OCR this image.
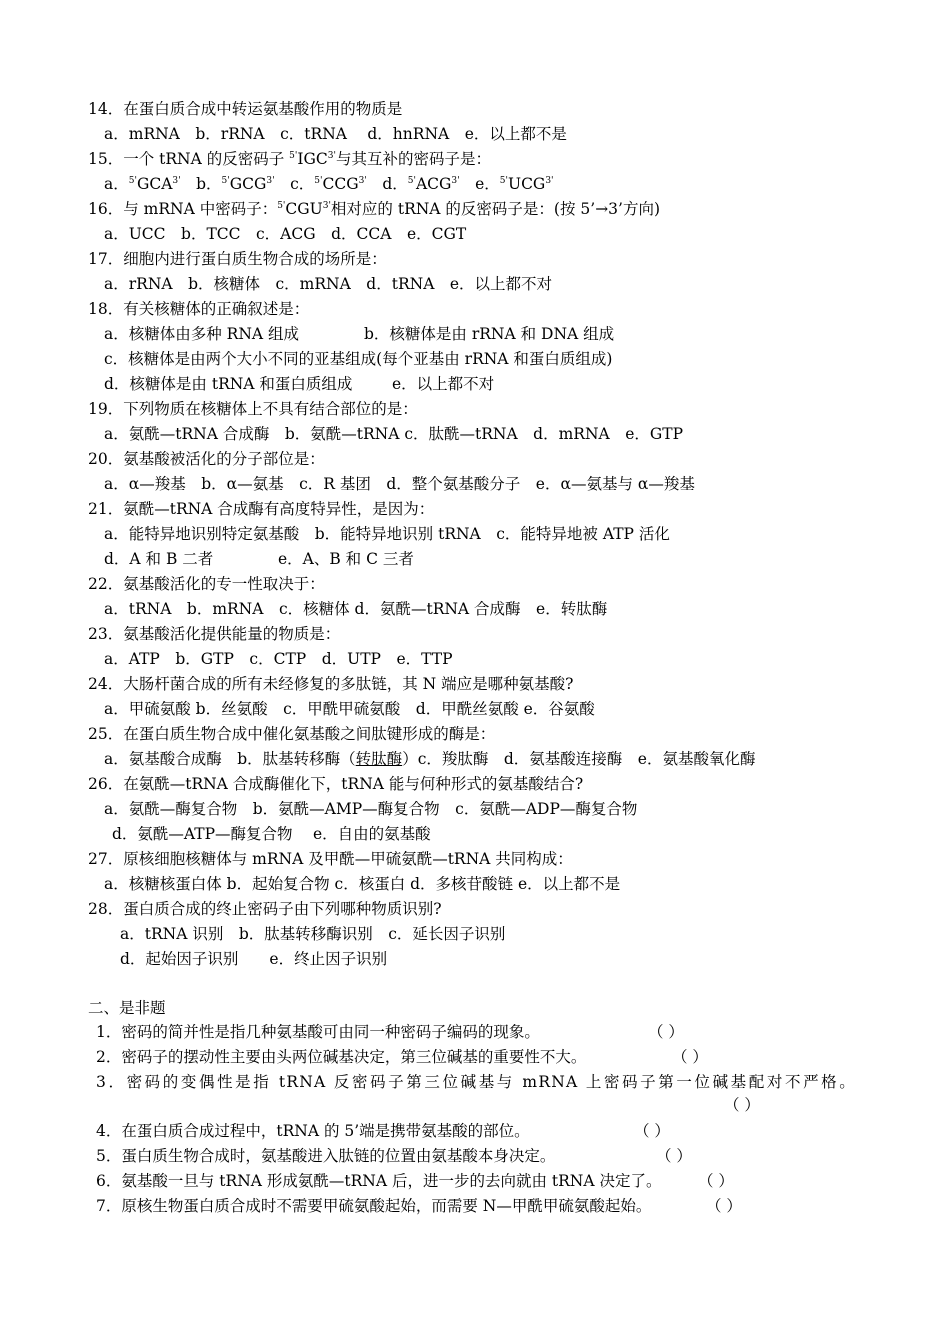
14．在蛋白质合成中转运氨基酸作用的物质是
a．mRNA　b．rRNA　c．tRNA　 d．hnRNA　e．以上都不是
15．一个 tRNA 的反密码子 $^{5'}IGC^{3'}$与其互补的密码子是：
a．$^{5'}GCA^{3'}$　 b．$^{5'}GCG^{3'}$　 c．$^{5'}CCG^{3'}$　 d．$^{5'}ACG^{3'}$　 e．$^{5'}UCG^{3'}$
16．与 mRNA 中密码子：$^{5'}CGU^{3'}$相对应的 tRNA 的反密码子是：(按 5’→3’方向)
a．UCC　b．TCC　c．ACG　d．CCA　e．CGT
17．细胞内进行蛋白质生物合成的场所是：
a．rRNA　b．核糖体　c．mRNA　d．tRNA　e．以上都不对
18．有关核糖体的正确叙述是：
a．核糖体由多种 RNA 组成	b．核糖体是由 rRNA 和 DNA 组成
c．核糖体是由两个大小不同的亚基组成(每个亚基由 rRNA 和蛋白质组成)
d．核糖体是由 tRNA 和蛋白质组成	e．以上都不对
19．下列物质在核糖体上不具有结合部位的是：
a．氨酰—tRNA 合成酶　b．氨酰—tRNA c．肽酰—tRNA　d．mRNA　e．GTP
20．氨基酸被活化的分子部位是：
a．α—羧基　b．α—氨基　c．R 基团　d．整个氨基酸分子　e．α—氨基与 α—羧基
21．氨酰—tRNA 合成酶有高度特异性，是因为：
a．能特异地识别特定氨基酸　b．能特异地识别 tRNA　c．能特异地被 ATP 活化
d．A 和 B 二者	e．A、B 和 C 三者
22．氨基酸活化的专一性取决于：
a．tRNA　b．mRNA　c．核糖体 d．氨酰—tRNA 合成酶　e．转肽酶
23．氨基酸活化提供能量的物质是：
a．ATP　b．GTP　c．CTP　d．UTP　e．TTP
24．大肠杆菌合成的所有未经修复的多肽链，其 N 端应是哪种氨基酸?
a．甲硫氨酸 b．丝氨酸　c．甲酰甲硫氨酸　d．甲酰丝氨酸 e．谷氨酸
25．在蛋白质生物合成中催化氨基酸之间肽键形成的酶是：
a．氨基酸合成酶　b．肽基转移酶（转肽酶）c．羧肽酶　d．氨基酸连接酶　e．氨基酸氧化酶
26．在氨酰—tRNA 合成酶催化下，tRNA 能与何种形式的氨基酸结合?
a．氨酰—酶复合物　b．氨酰—AMP—酶复合物　c．氨酰—ADP—酶复合物
d．氨酰—ATP—酶复合物　 e．自由的氨基酸
27．原核细胞核糖体与 mRNA 及甲酰—甲硫氨酰—tRNA 共同构成：
a．核糖核蛋白体 b．起始复合物 c．核蛋白 d．多核苷酸链 e．以上都不是
28．蛋白质合成的终止密码子由下列哪种物质识别?
a．tRNA 识别　b．肽基转移酶识别　c．延长因子识别
d．起始因子识别　　e．终止因子识别
二、是非题
1．密码的简并性是指几种氨基酸可由同一种密码子编码的现象。	（ ）
2．密码子的摆动性主要由头两位碱基决定，第三位碱基的重要性不大。	（ ）
3．密码的变偶性是指 tRNA 反密码子第三位碱基与 mRNA 上密码子第一位碱基配对不严格。
（ ）
4．在蛋白质合成过程中，tRNA 的 5’端是携带氨基酸的部位。	（ ）
5．蛋白质生物合成时，氨基酸进入肽链的位置由氨基酸本身决定。	（ ）
6．氨基酸一旦与 tRNA 形成氨酰—tRNA 后，进一步的去向就由 tRNA 决定了。 （ ）
7．原核生物蛋白质合成时不需要甲硫氨酸起始，而需要 N—甲酰甲硫氨酸起始。	（ ）
